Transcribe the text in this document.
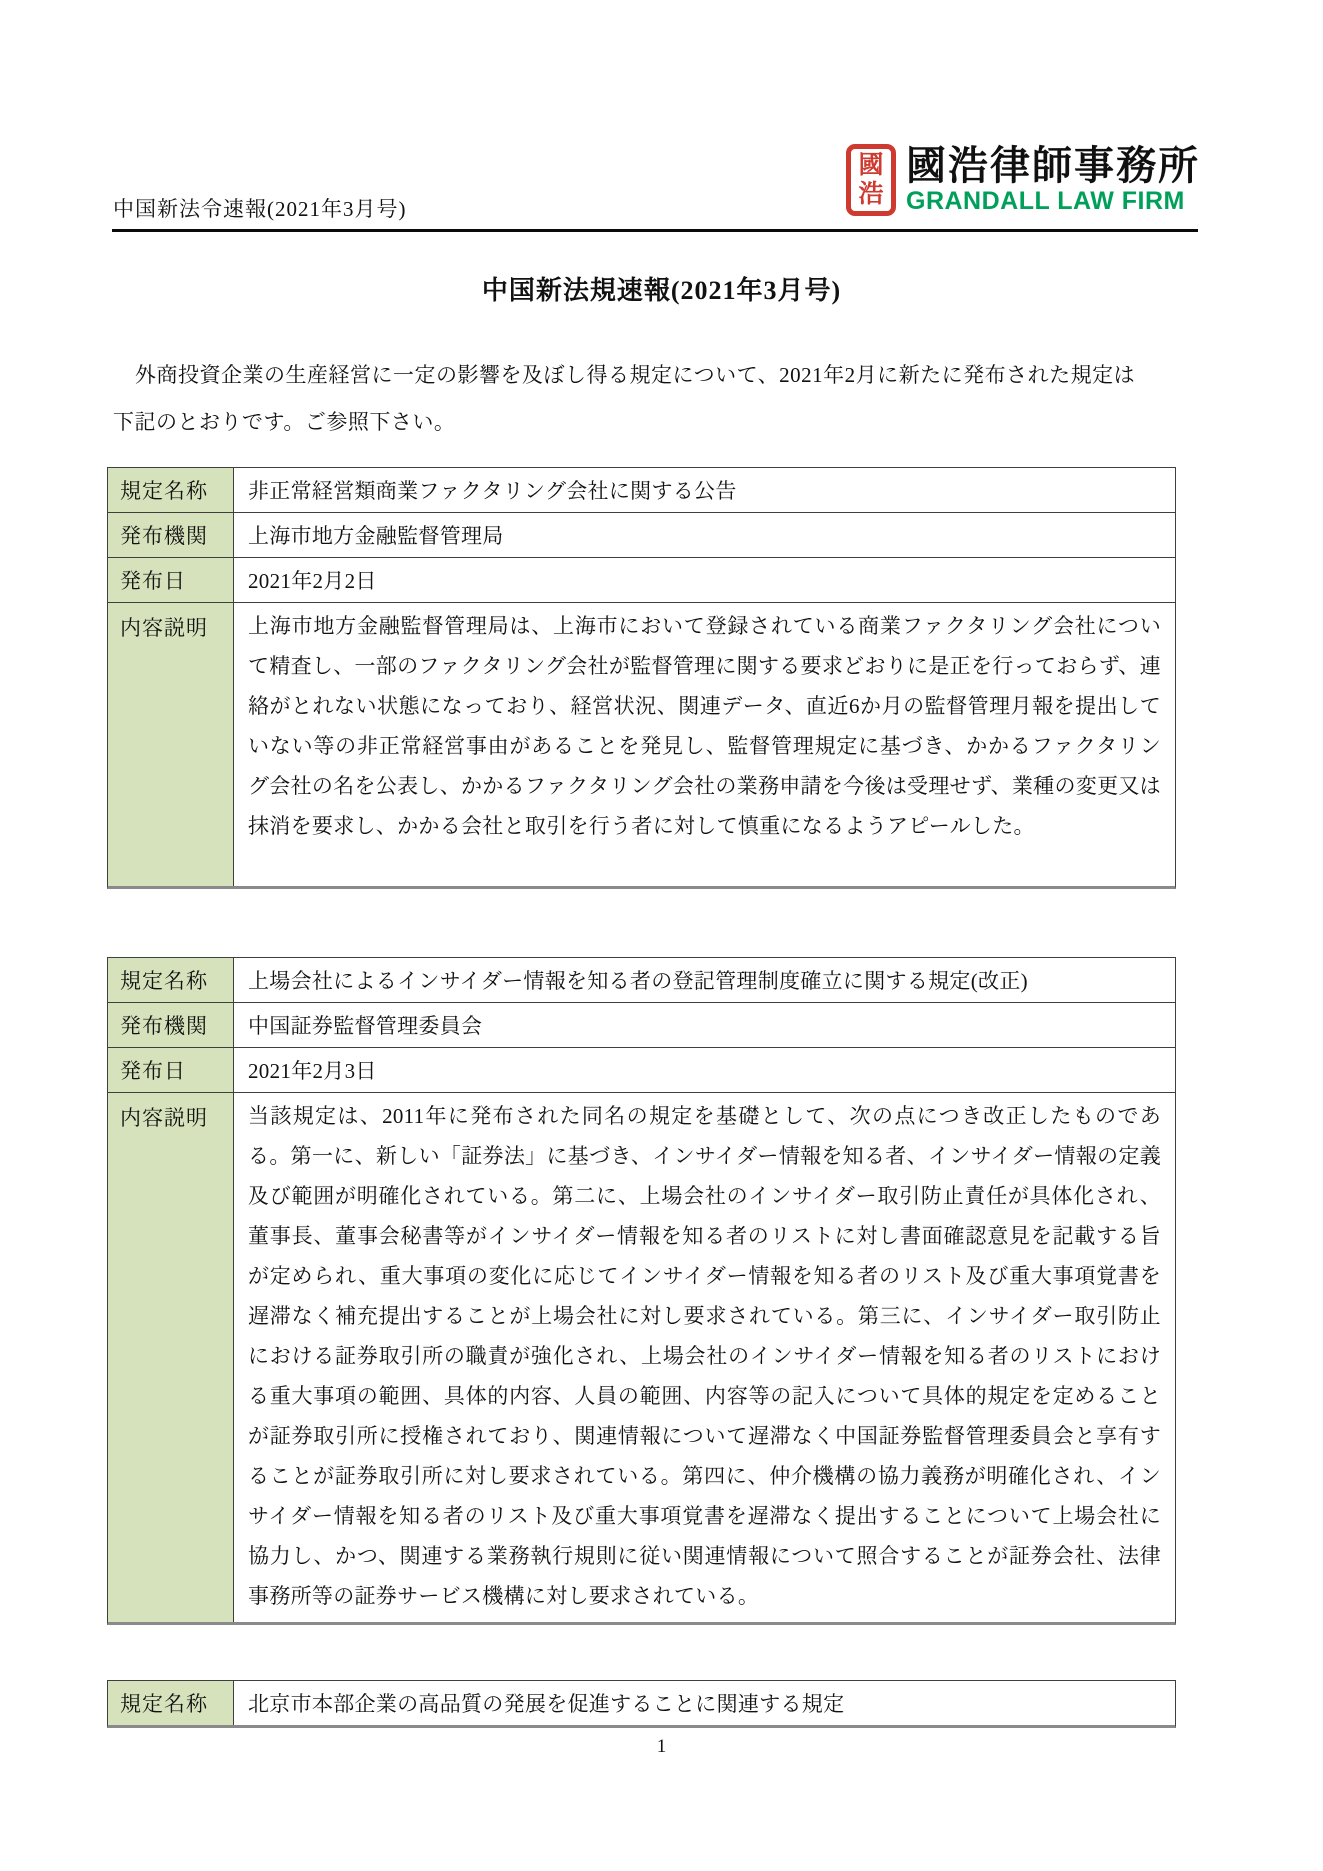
中国新法令速報(2021年3月号)
國
浩
國浩律師事務所
GRANDALL LAW FIRM
中国新法規速報(2021年3月号)
外商投資企業の生産経営に一定の影響を及ぼし得る規定について、2021年2月に新たに発布された規定は
下記のとおりです。ご参照下さい。
規定名称	非正常経営類商業ファクタリング会社に関する公告
発布機関	上海市地方金融監督管理局
発布日	2021年2月2日
内容説明	上海市地方金融監督管理局は、上海市において登録されている商業ファクタリング会社について精査し、一部のファクタリング会社が監督管理に関する要求どおりに是正を行っておらず、連絡がとれない状態になっており、経営状況、関連データ、直近6か月の監督管理月報を提出していない等の非正常経営事由があることを発見し、監督管理規定に基づき、かかるファクタリング会社の名を公表し、かかるファクタリング会社の業務申請を今後は受理せず、業種の変更又は抹消を要求し、かかる会社と取引を行う者に対して慎重になるようアピールした。
規定名称	上場会社によるインサイダー情報を知る者の登記管理制度確立に関する規定(改正)
発布機関	中国証券監督管理委員会
発布日	2021年2月3日
内容説明	当該規定は、2011年に発布された同名の規定を基礎として、次の点につき改正したものである。第一に、新しい「証券法」に基づき、インサイダー情報を知る者、インサイダー情報の定義及び範囲が明確化されている。第二に、上場会社のインサイダー取引防止責任が具体化され、董事長、董事会秘書等がインサイダー情報を知る者のリストに対し書面確認意見を記載する旨が定められ、重大事項の変化に応じてインサイダー情報を知る者のリスト及び重大事項覚書を遅滞なく補充提出することが上場会社に対し要求されている。第三に、インサイダー取引防止における証券取引所の職責が強化され、上場会社のインサイダー情報を知る者のリストにおける重大事項の範囲、具体的内容、人員の範囲、内容等の記入について具体的規定を定めることが証券取引所に授権されており、関連情報について遅滞なく中国証券監督管理委員会と享有することが証券取引所に対し要求されている。第四に、仲介機構の協力義務が明確化され、インサイダー情報を知る者のリスト及び重大事項覚書を遅滞なく提出することについて上場会社に協力し、かつ、関連する業務執行規則に従い関連情報について照合することが証券会社、法律事務所等の証券サービス機構に対し要求されている。
規定名称	北京市本部企業の高品質の発展を促進することに関連する規定
1
